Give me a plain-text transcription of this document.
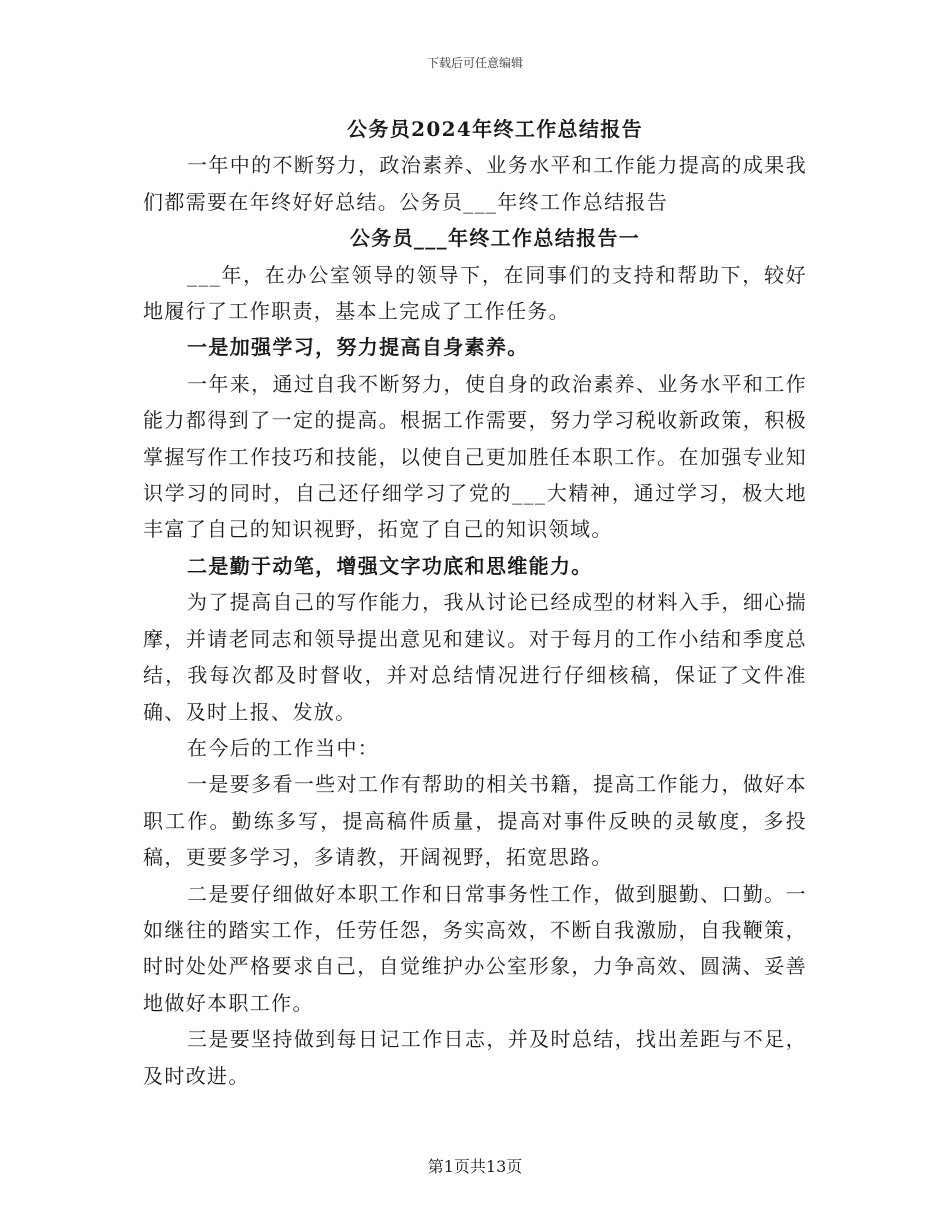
下载后可任意编辑

公务员2024年终工作总结报告

一年中的不断努力，政治素养、业务水平和工作能力提高的成果我们都需要在年终好好总结。公务员___年终工作总结报告

公务员___年终工作总结报告一

___年，在办公室领导的领导下，在同事们的支持和帮助下，较好地履行了工作职责，基本上完成了工作任务。

一是加强学习，努力提高自身素养。

一年来，通过自我不断努力，使自身的政治素养、业务水平和工作能力都得到了一定的提高。根据工作需要，努力学习税收新政策，积极掌握写作工作技巧和技能，以使自己更加胜任本职工作。在加强专业知识学习的同时，自己还仔细学习了党的___大精神，通过学习，极大地丰富了自己的知识视野，拓宽了自己的知识领域。

二是勤于动笔，增强文字功底和思维能力。

为了提高自己的写作能力，我从讨论已经成型的材料入手，细心揣摩，并请老同志和领导提出意见和建议。对于每月的工作小结和季度总结，我每次都及时督收，并对总结情况进行仔细核稿，保证了文件准确、及时上报、发放。

在今后的工作当中：

一是要多看一些对工作有帮助的相关书籍，提高工作能力，做好本职工作。勤练多写，提高稿件质量，提高对事件反映的灵敏度，多投稿，更要多学习，多请教，开阔视野，拓宽思路。

二是要仔细做好本职工作和日常事务性工作，做到腿勤、口勤。一如继往的踏实工作，任劳任怨，务实高效，不断自我激励，自我鞭策，时时处处严格要求自己，自觉维护办公室形象，力争高效、圆满、妥善地做好本职工作。

三是要坚持做到每日记工作日志，并及时总结，找出差距与不足，及时改进。

第1页共13页
